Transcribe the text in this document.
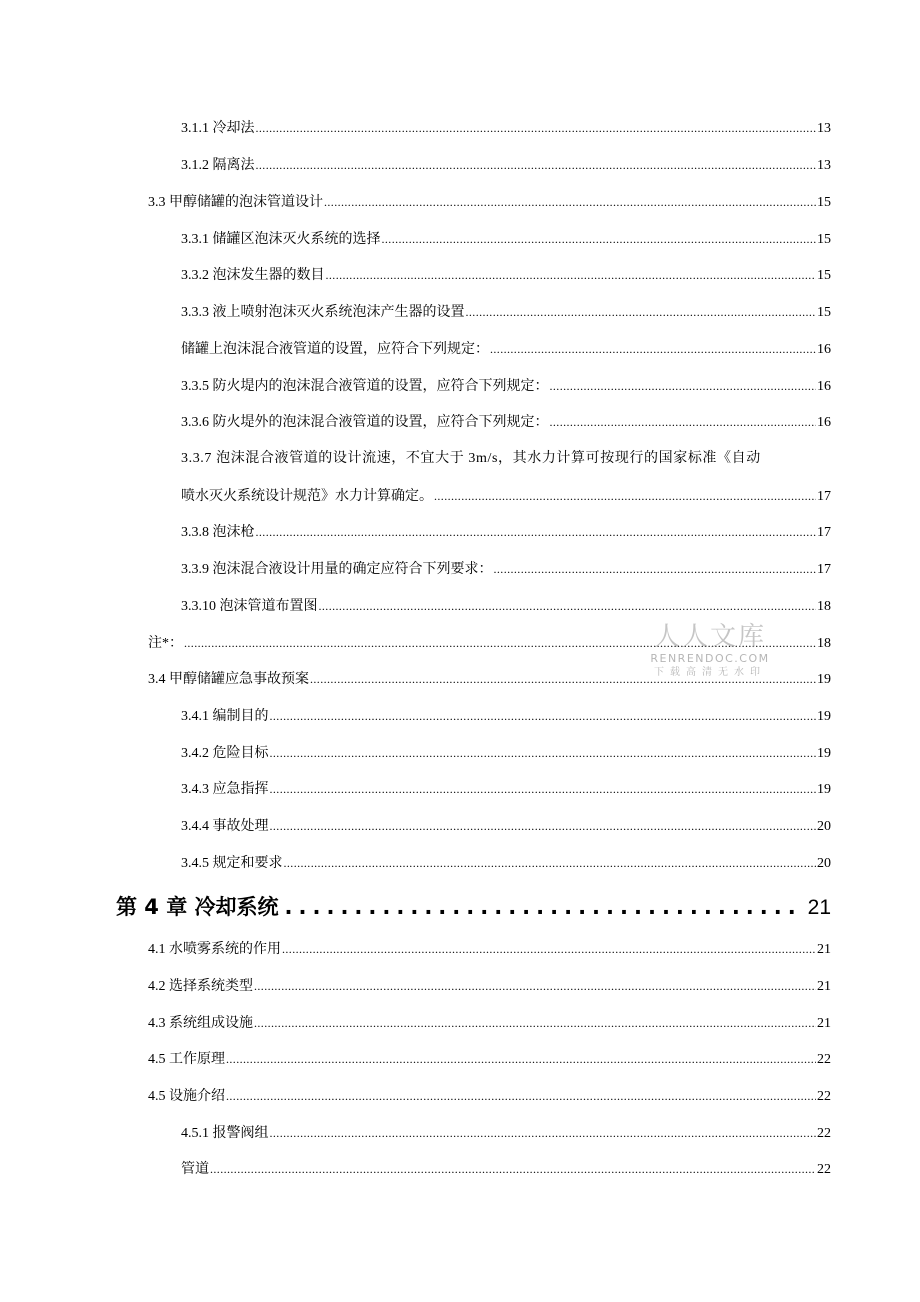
3.1.1 冷却法 .....	13
3.1.2 隔离法 .....	13
3.3 甲醇储罐的泡沫管道设计 .....	15
3.3.1 储罐区泡沫灭火系统的选择 .....	15
3.3.2 泡沫发生器的数目 .....	15
3.3.3 液上喷射泡沫灭火系统泡沫产生器的设置 .....	15
储罐上泡沫混合液管道的设置，应符合下列规定： .....	16
3.3.5 防火堤内的泡沫混合液管道的设置，应符合下列规定： .....	16
3.3.6 防火堤外的泡沫混合液管道的设置，应符合下列规定： .....	16
3.3.7 泡沫混合液管道的设计流速，不宜大于 3m/s，其水力计算可按现行的国家标准《自动
喷水灭火系统设计规范》水力计算确定。 .....	17
3.3.8 泡沫枪 .....	17
3.3.9 泡沫混合液设计用量的确定应符合下列要求： .....	17
3.3.10 泡沫管道布置图 .....	18
注*： .....	18
3.4 甲醇储罐应急事故预案 .....	19
3.4.1 编制目的 .....	19
3.4.2 危险目标 .....	19
3.4.3 应急指挥 .....	19
3.4.4 事故处理 .....	20
3.4.5 规定和要求 .....	20
第 4 章 冷却系统 .....	21
4.1 水喷雾系统的作用 .....	21
4.2 选择系统类型 .....	21
4.3 系统组成设施 .....	21
4.5 工作原理 .....	22
4.5 设施介绍 .....	22
4.5.1 报警阀组 .....	22
管道 .....	22
人人文库
RENRENDOC.COM
下载高清无水印
